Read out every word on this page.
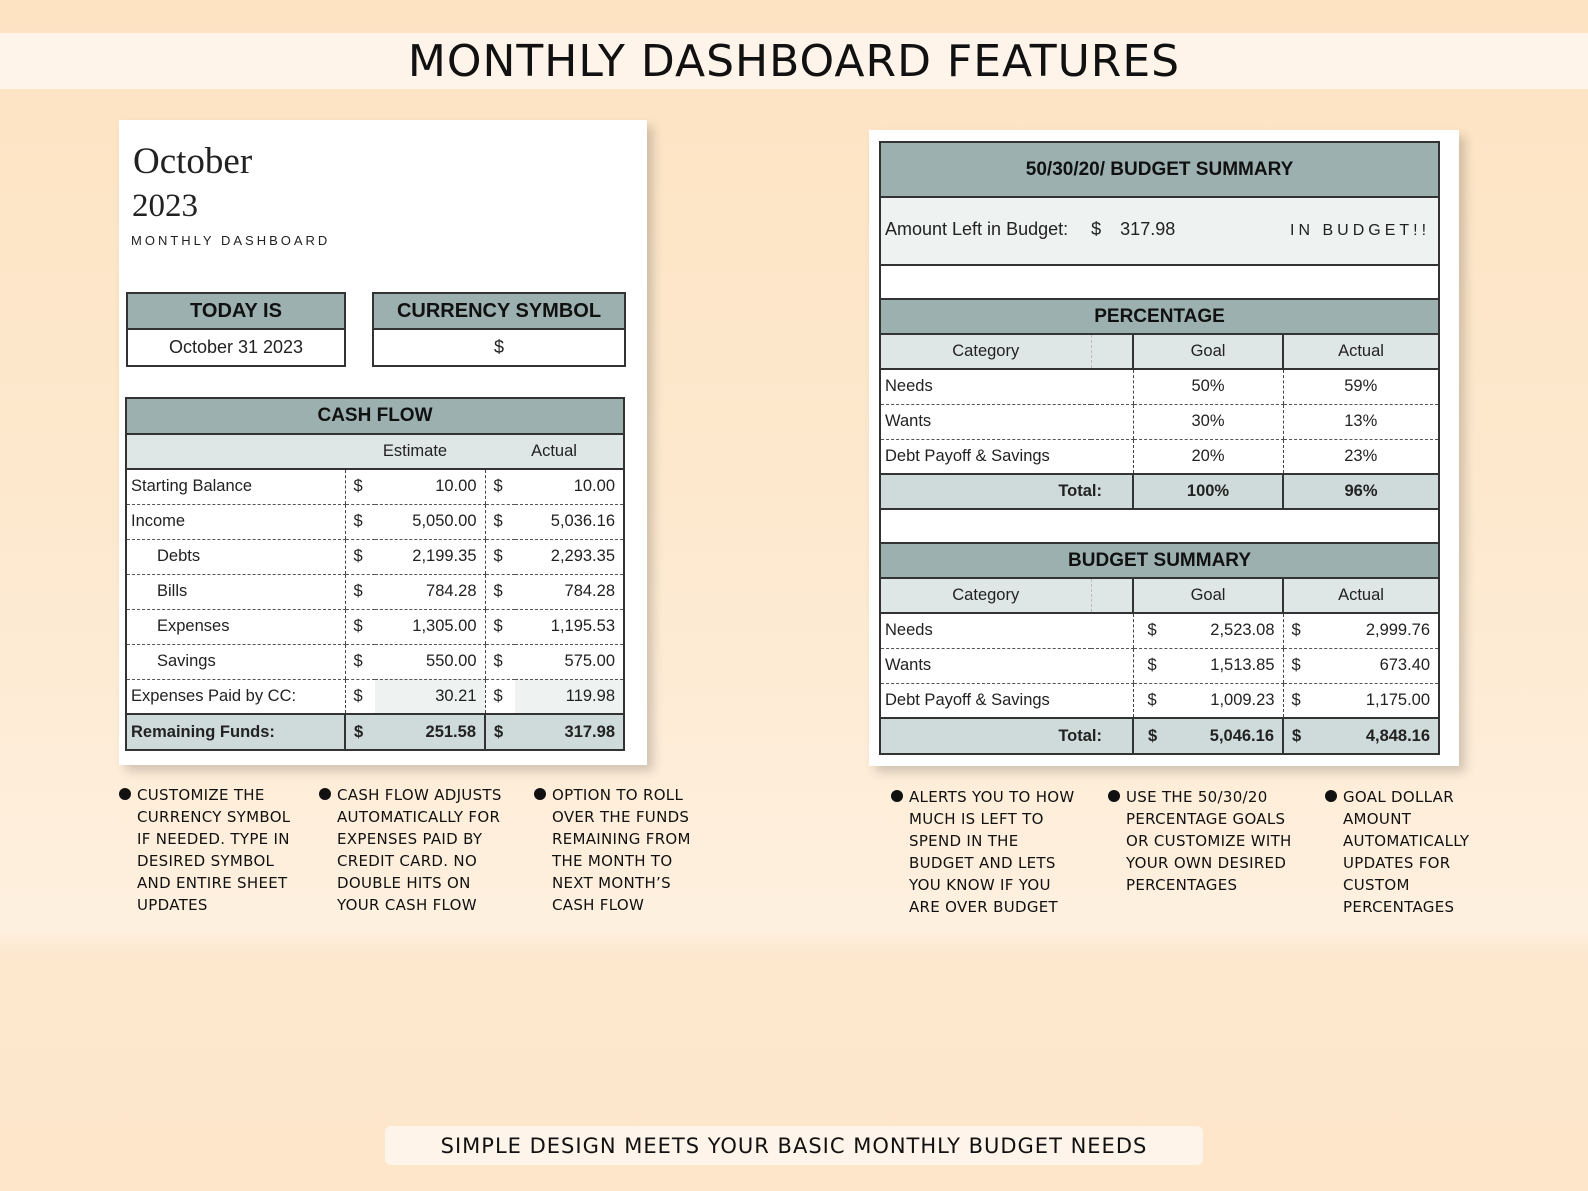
MONTHLY DASHBOARD FEATURES
October
2023
MONTHLY DASHBOARD
TODAY IS
October 31 2023
CURRENCY SYMBOL
$
CASH FLOW				
	Estimate		Actual	
Starting Balance	$	10.00	$	10.00
Income	$	5,050.00	$	5,036.16
Debts	$	2,199.35	$	2,293.35
Bills	$	784.28	$	784.28
Expenses	$	1,305.00	$	1,195.53
Savings	$	550.00	$	575.00
Expenses Paid by CC:	$	30.21	$	119.98
Remaining Funds:	$	251.58	$	317.98
50/30/20/ BUDGET SUMMARY			
Amount Left in Budget: $ 317.98 IN BUDGET!!			

PERCENTAGE			
Category		Goal	Actual
Needs		50%	59%
Wants		30%	13%
Debt Payoff & Savings		20%	23%
Total:		100%	96%

BUDGET SUMMARY			
Category		Goal	Actual
Needs		$ 2,523.08	$ 2,999.76

Wants		$ 1,513.85	$ 673.40

Debt Payoff & Savings		$ 1,009.23	$ 1,175.00

Total:		$ 5,046.16	$ 4,848.16
CUSTOMIZE THE
CURRENCY SYMBOL
IF NEEDED. TYPE IN
DESIRED SYMBOL
AND ENTIRE SHEET
UPDATES
CASH FLOW ADJUSTS
AUTOMATICALLY FOR
EXPENSES PAID BY
CREDIT CARD. NO
DOUBLE HITS ON
YOUR CASH FLOW
OPTION TO ROLL
OVER THE FUNDS
REMAINING FROM
THE MONTH TO
NEXT MONTH’S
CASH FLOW
ALERTS YOU TO HOW
MUCH IS LEFT TO
SPEND IN THE
BUDGET AND LETS
YOU KNOW IF YOU
ARE OVER BUDGET
USE THE 50/30/20
PERCENTAGE GOALS
OR CUSTOMIZE WITH
YOUR OWN DESIRED
PERCENTAGES
GOAL DOLLAR
AMOUNT
AUTOMATICALLY
UPDATES FOR
CUSTOM
PERCENTAGES
SIMPLE DESIGN MEETS YOUR BASIC MONTHLY BUDGET NEEDS
